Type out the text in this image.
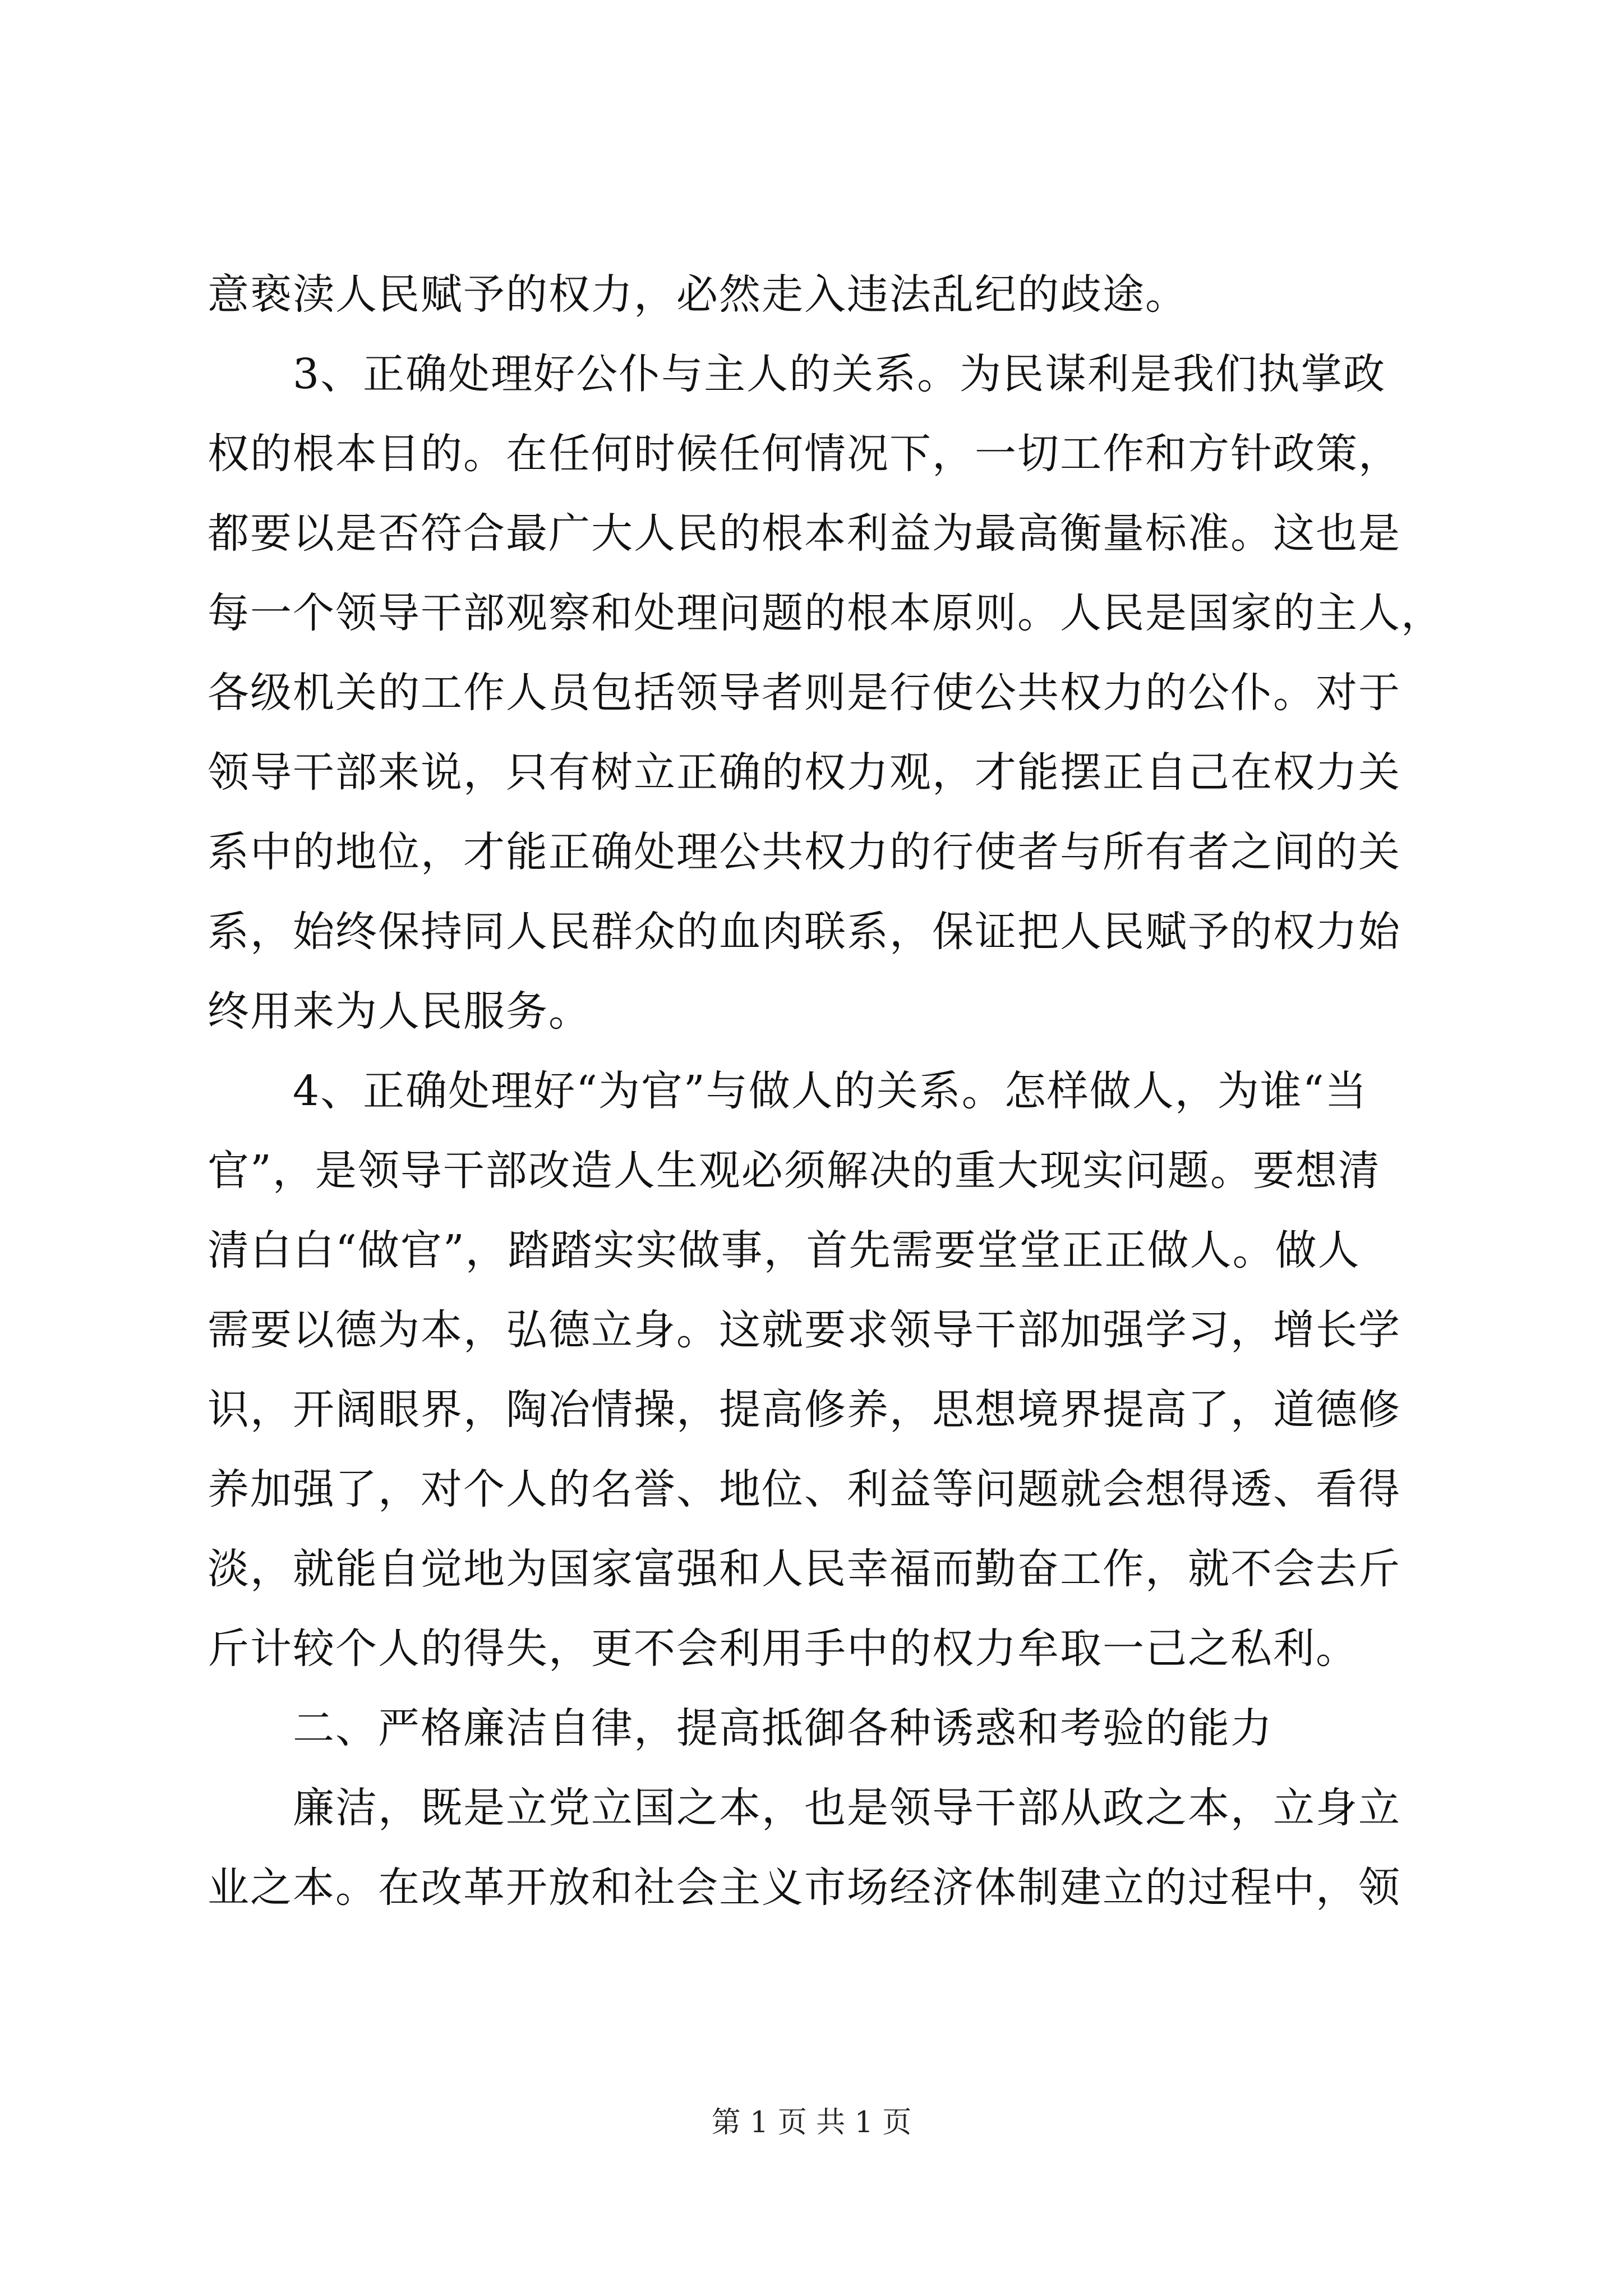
意亵渎人民赋予的权力，必然走入违法乱纪的歧途。
　　3、正确处理好公仆与主人的关系。为民谋利是我们执掌政
权的根本目的。在任何时候任何情况下，一切工作和方针政策，
都要以是否符合最广大人民的根本利益为最高衡量标准。这也是
每一个领导干部观察和处理问题的根本原则。人民是国家的主人，
各级机关的工作人员包括领导者则是行使公共权力的公仆。对于
领导干部来说，只有树立正确的权力观，才能摆正自己在权力关
系中的地位，才能正确处理公共权力的行使者与所有者之间的关
系，始终保持同人民群众的血肉联系，保证把人民赋予的权力始
终用来为人民服务。
　　4、正确处理好“为官”与做人的关系。怎样做人，为谁“当
官”，是领导干部改造人生观必须解决的重大现实问题。要想清
清白白“做官”，踏踏实实做事，首先需要堂堂正正做人。做人
需要以德为本，弘德立身。这就要求领导干部加强学习，增长学
识，开阔眼界，陶冶情操，提高修养，思想境界提高了，道德修
养加强了，对个人的名誉、地位、利益等问题就会想得透、看得
淡，就能自觉地为国家富强和人民幸福而勤奋工作，就不会去斤
斤计较个人的得失，更不会利用手中的权力牟取一己之私利。
　　二、严格廉洁自律，提高抵御各种诱惑和考验的能力
　　廉洁，既是立党立国之本，也是领导干部从政之本，立身立
业之本。在改革开放和社会主义市场经济体制建立的过程中，领
第 1 页 共 1 页
